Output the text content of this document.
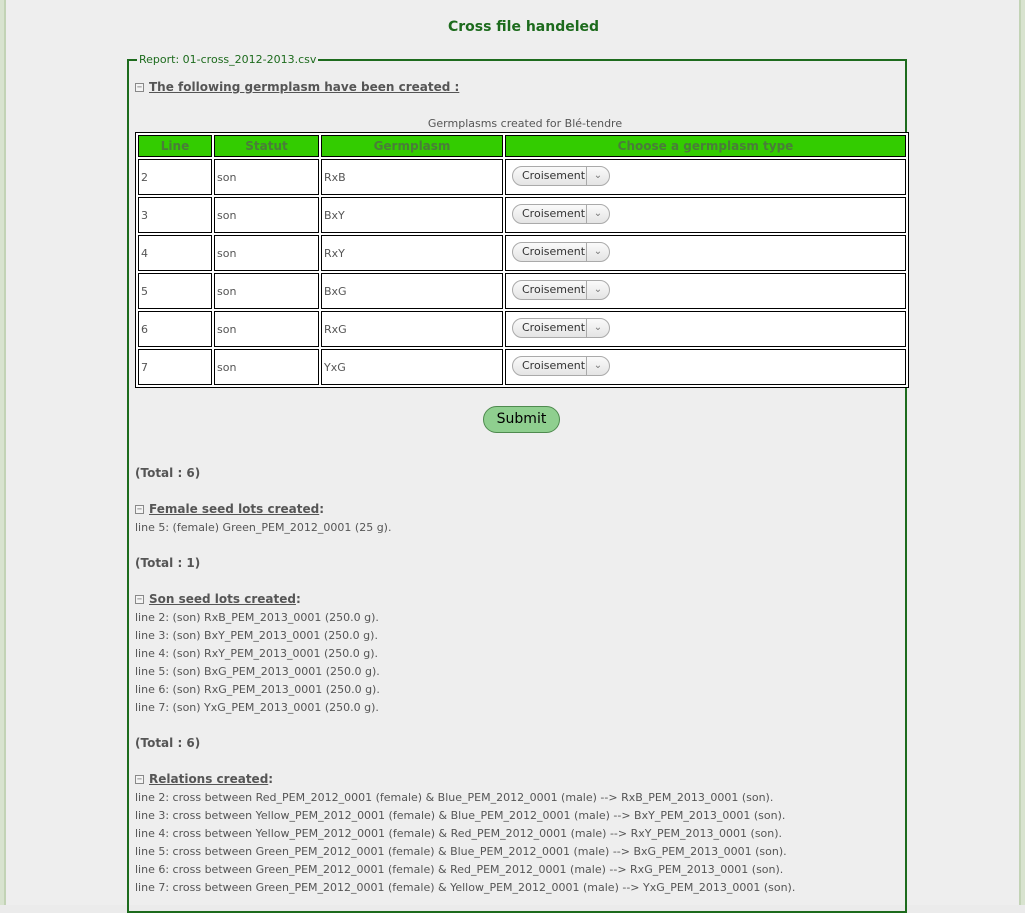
Cross file handeled
Report: 01-cross_2012-2013.csv
− The following germplasm have been created :
Germplasms created for Blé-tendre
Line	Statut	Germplasm	Choose a germplasm type
2	son	RxB	Croisement ⌄

3	son	BxY	Croisement ⌄

4	son	RxY	Croisement ⌄

5	son	BxG	Croisement ⌄

6	son	RxG	Croisement ⌄

7	son	YxG	Croisement ⌄
Submit
(Total : 6)
− Female seed lots created:
line 5: (female) Green_PEM_2012_0001 (25 g).
(Total : 1)
− Son seed lots created:
line 2: (son) RxB_PEM_2013_0001 (250.0 g).
line 3: (son) BxY_PEM_2013_0001 (250.0 g).
line 4: (son) RxY_PEM_2013_0001 (250.0 g).
line 5: (son) BxG_PEM_2013_0001 (250.0 g).
line 6: (son) RxG_PEM_2013_0001 (250.0 g).
line 7: (son) YxG_PEM_2013_0001 (250.0 g).
(Total : 6)
− Relations created:
line 2: cross between Red_PEM_2012_0001 (female) & Blue_PEM_2012_0001 (male) --> RxB_PEM_2013_0001 (son).
line 3: cross between Yellow_PEM_2012_0001 (female) & Blue_PEM_2012_0001 (male) --> BxY_PEM_2013_0001 (son).
line 4: cross between Yellow_PEM_2012_0001 (female) & Red_PEM_2012_0001 (male) --> RxY_PEM_2013_0001 (son).
line 5: cross between Green_PEM_2012_0001 (female) & Blue_PEM_2012_0001 (male) --> BxG_PEM_2013_0001 (son).
line 6: cross between Green_PEM_2012_0001 (female) & Red_PEM_2012_0001 (male) --> RxG_PEM_2013_0001 (son).
line 7: cross between Green_PEM_2012_0001 (female) & Yellow_PEM_2012_0001 (male) --> YxG_PEM_2013_0001 (son).
